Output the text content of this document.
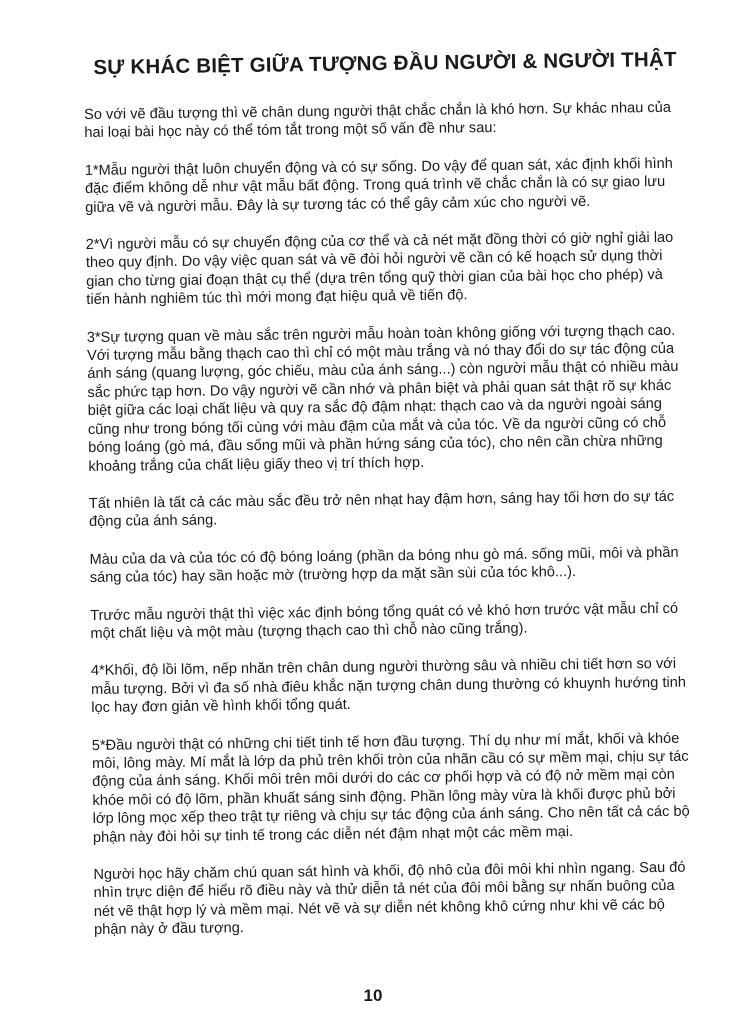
SỰ KHÁC BIỆT GIỮA TƯỢNG ĐẦU NGƯỜI & NGƯỜI THẬT

So với vẽ đầu tượng thì vẽ chân dung người thật chắc chắn là khó hơn. Sự khác nhau của hai loại bài học này có thể tóm tắt trong một số vấn đề như sau:

1*Mẫu người thật luôn chuyển động và có sự sống. Do vậy để quan sát, xác định khối hình đặc điểm không dễ như vật mẫu bất động. Trong quá trình vẽ chắc chắn là có sự giao lưu giữa vẽ và người mẫu. Đây là sự tương tác có thể gây cảm xúc cho người vẽ.

2*Vì người mẫu có sự chuyển động của cơ thể và cả nét mặt đồng thời có giờ nghỉ giải lao theo quy định. Do vậy việc quan sát và vẽ đòi hỏi người vẽ cần có kế hoạch sử dụng thời gian cho từng giai đoạn thật cụ thể (dựa trên tổng quỹ thời gian của bài học cho phép) và tiến hành nghiêm túc thì mới mong đạt hiệu quả về tiến độ.

3*Sự tượng quan về màu sắc trên người mẫu hoàn toàn không giống với tượng thạch cao. Với tượng mẫu bằng thạch cao thì chỉ có một màu trắng và nó thay đổi do sự tác động của ánh sáng (quang lượng, góc chiếu, màu của ánh sáng...) còn người mẫu thật có nhiều màu sắc phức tạp hơn. Do vậy người vẽ cần nhớ và phân biệt và phải quan sát thật rõ sự khác biệt giữa các loại chất liệu và quy ra sắc độ đậm nhạt: thạch cao và da người ngoài sáng cũng như trong bóng tối cùng với màu đậm của mắt và của tóc. Về da người cũng có chỗ bóng loáng (gò má, đầu sống mũi và phần hứng sáng của tóc), cho nên cần chừa những khoảng trắng của chất liệu giấy theo vị trí thích hợp.

Tất nhiên là tất cả các màu sắc đều trở nên nhạt hay đậm hơn, sáng hay tối hơn do sự tác động của ánh sáng.

Màu của da và của tóc có độ bóng loáng (phần da bóng nhu gò má. sống mũi, môi và phần sáng của tóc) hay sần hoặc mờ (trường hợp da mặt sần sùi của tóc khô...).

Trước mẫu người thật thì việc xác định bóng tổng quát có vẻ khó hơn trước vật mẫu chỉ có một chất liệu và một màu (tượng thạch cao thì chỗ nào cũng trắng).

4*Khối, độ lồi lõm, nếp nhăn trên chân dung người thường sâu và nhiều chi tiết hơn so với mẫu tượng. Bởi vì đa số nhà điêu khắc nặn tượng chân dung thường có khuynh hướng tinh lọc hay đơn giản về hình khối tổng quát.

5*Đầu người thật có những chi tiết tinh tế hơn đầu tượng. Thí dụ như mí mắt, khối và khóe môi, lông mày. Mí mắt là lớp da phủ trên khối tròn của nhãn cầu có sự mềm mại, chịu sự tác động của ánh sáng. Khối môi trên môi dưới do các cơ phối hợp và có độ nở mềm mại còn khóe môi có độ lõm, phần khuất sáng sinh động. Phần lông mày vừa là khối được phủ bởi lớp lông mọc xếp theo trật tự riêng và chịu sự tác động của ánh sáng. Cho nên tất cả các bộ phận này đòi hỏi sự tinh tế trong các diễn nét đậm nhạt một các mềm mại.

Người học hãy chăm chú quan sát hình và khối, độ nhô của đôi môi khi nhìn ngang. Sau đó nhìn trực diện để hiểu rõ điều này và thử diễn tả nét của đôi môi bằng sự nhấn buông của nét vẽ thật hợp lý và mềm mại. Nét vẽ và sự diễn nét không khô cứng như khi vẽ các bộ phận này ở đầu tượng.

10
